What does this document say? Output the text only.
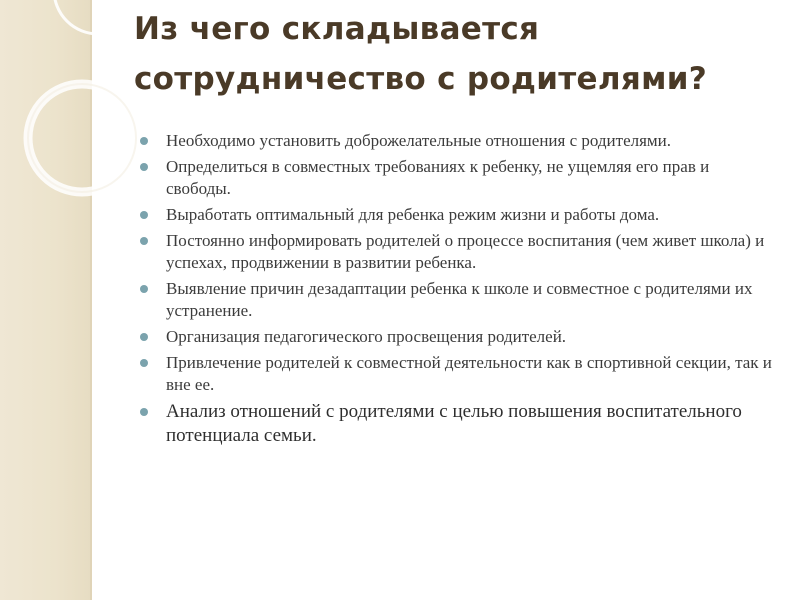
Из чего складывается
сотрудничество с родителями?
Необходимо установить доброжелательные отношения с родителями.
Определиться в совместных требованиях к ребенку, не ущемляя его прав и свободы.
Выработать оптимальный для ребенка режим жизни и работы дома.
Постоянно информировать родителей о процессе воспитания (чем живет школа) и успехах, продвижении в развитии ребенка.
Выявление причин дезадаптации ребенка к школе и совместное с родителями их устранение.
Организация педагогического просвещения родителей.
Привлечение родителей к совместной деятельности как в спортивной секции, так и вне ее.
Анализ отношений с родителями с целью повышения воспитательного потенциала семьи.
